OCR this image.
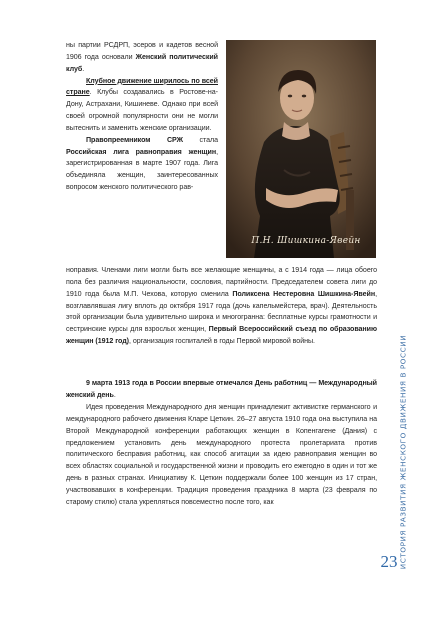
ны партии РСДРП, эсеров и кадетов весной 1906 года основали Женский политический клуб.
Клубное движение ширилось по всей стране. Клубы создавались в Ростове-на-Дону, Астрахани, Кишиневе. Однако при всей своей огромной популярности они не могли вытеснить и заменить женские организации.
Правопреемником СРЖ стала Российская лига равноправия женщин, зарегистрированная в марте 1907 года. Лига объединяла женщин, заинтересованных вопросом женского политического рав-

П.Н. Шишкина-Явейн

ноправия. Членами лиги могли быть все желающие женщины, а с 1914 года — лица обоего пола без различия национальности, сословия, партийности. Председателем совета лиги до 1910 года была М.П. Чехова, которую сменила Поликсена Нестеровна Шишкина-Явейн, возглавлявшая лигу вплоть до октября 1917 года (дочь капельмейстера, врач). Деятельность этой организации была удивительно широка и многогранна: бесплатные курсы грамотности и сестринские курсы для взрослых женщин, Первый Всероссийский съезд по образованию женщин (1912 год), организация госпиталей в годы Первой мировой войны.

9 марта 1913 года в России впервые отмечался День работниц — Международный женский день.

Идея проведения Международного дня женщин принадлежит активистке германского и международного рабочего движения Кларе Цеткин. 26–27 августа 1910 года она выступила на Второй Международной конференции работающих женщин в Копенгагене (Дания) с предложением установить день международного протеста пролетариата против политического бесправия работниц, как способ агитации за идею равноправия женщин во всех областях социальной и государственной жизни и проводить его ежегодно в один и тот же день в разных странах. Инициативу К. Цеткин поддержали более 100 женщин из 17 стран, участвовавших в конференции. Традиция проведения праздника 8 марта (23 февраля по старому стилю) стала укрепляться повсеместно после того, как	ИСТОРИЯ РАЗВИТИЯ ЖЕНСКОГО ДВИЖЕНИЯ В РОССИИ
23
